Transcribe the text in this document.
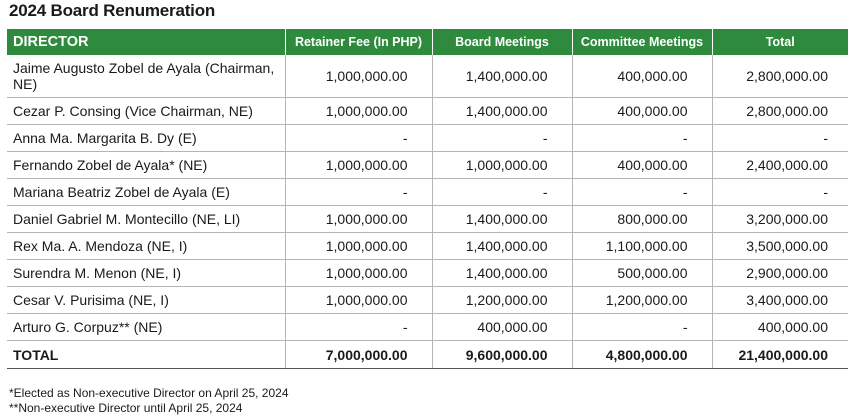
2024 Board Renumeration
DIRECTOR	Retainer Fee (In PHP)	Board Meetings	Committee Meetings	Total
Jaime Augusto Zobel de Ayala (Chairman, NE)	1,000,000.00	1,400,000.00	400,000.00	2,800,000.00
Cezar P. Consing (Vice Chairman, NE)	1,000,000.00	1,400,000.00	400,000.00	2,800,000.00
Anna Ma. Margarita B. Dy (E)	-	-	-	-
Fernando Zobel de Ayala* (NE)	1,000,000.00	1,000,000.00	400,000.00	2,400,000.00
Mariana Beatriz Zobel de Ayala (E)	-	-	-	-
Daniel Gabriel M. Montecillo (NE, LI)	1,000,000.00	1,400,000.00	800,000.00	3,200,000.00
Rex Ma. A. Mendoza (NE, I)	1,000,000.00	1,400,000.00	1,100,000.00	3,500,000.00
Surendra M. Menon (NE, I)	1,000,000.00	1,400,000.00	500,000.00	2,900,000.00
Cesar V. Purisima (NE, I)	1,000,000.00	1,200,000.00	1,200,000.00	3,400,000.00
Arturo G. Corpuz** (NE)	-	400,000.00	-	400,000.00
TOTAL	7,000,000.00	9,600,000.00	4,800,000.00	21,400,000.00
*Elected as Non-executive Director on April 25, 2024
**Non-executive Director until April 25, 2024
